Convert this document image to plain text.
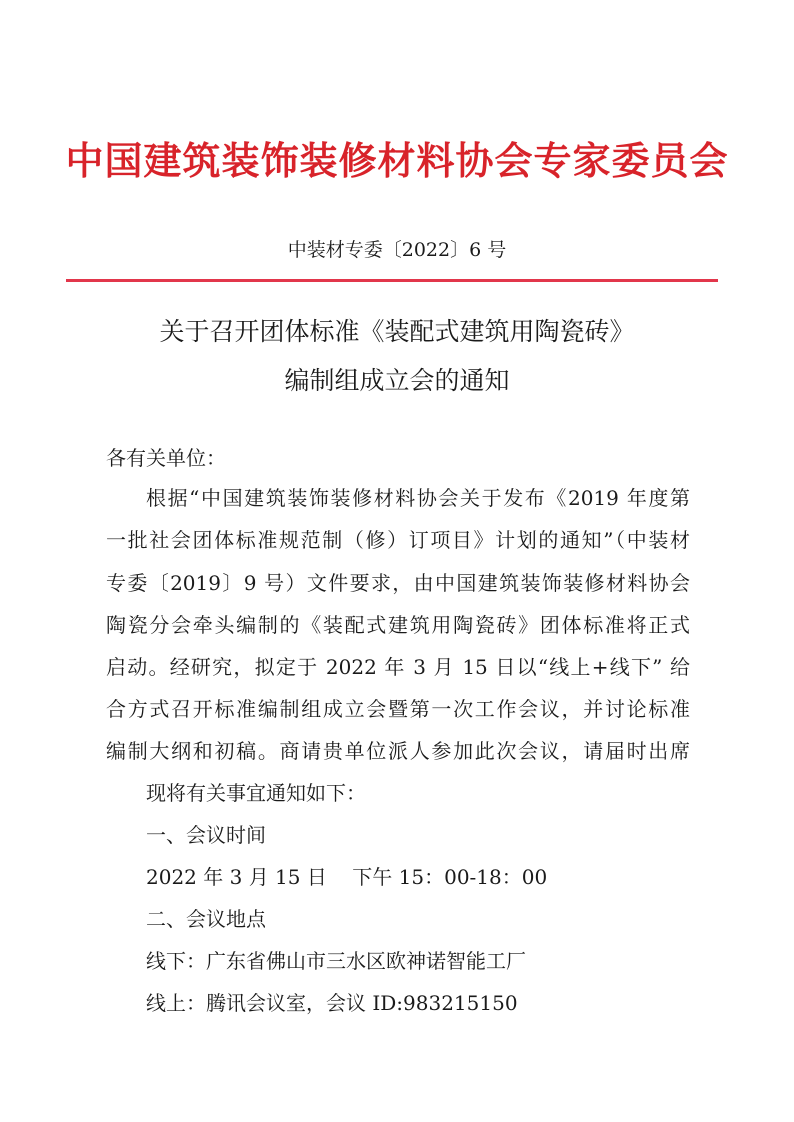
中国建筑装饰装修材料协会专家委员会
中装材专委〔2022〕6 号
关于召开团体标准《装配式建筑用陶瓷砖》
编制组成立会的通知
各有关单位：
根据“中国建筑装饰装修材料协会关于发布《2019 年度第
一批社会团体标准规范制（修）订项目》计划的通知”（中装材
专委〔2019〕9 号）文件要求，由中国建筑装饰装修材料协会
陶瓷分会牵头编制的《装配式建筑用陶瓷砖》团体标准将正式
启动。经研究，拟定于 2022 年 3 月 15 日以“线上+线下” 给
合方式召开标准编制组成立会暨第一次工作会议，并讨论标准
编制大纲和初稿。商请贵单位派人参加此次会议，请届时出席
现将有关事宜通知如下：
一、会议时间
2022 年 3 月 15 日    下午 15：00-18：00
二、会议地点
线下：广东省佛山市三水区欧神诺智能工厂
线上：腾讯会议室，会议 ID:983215150
